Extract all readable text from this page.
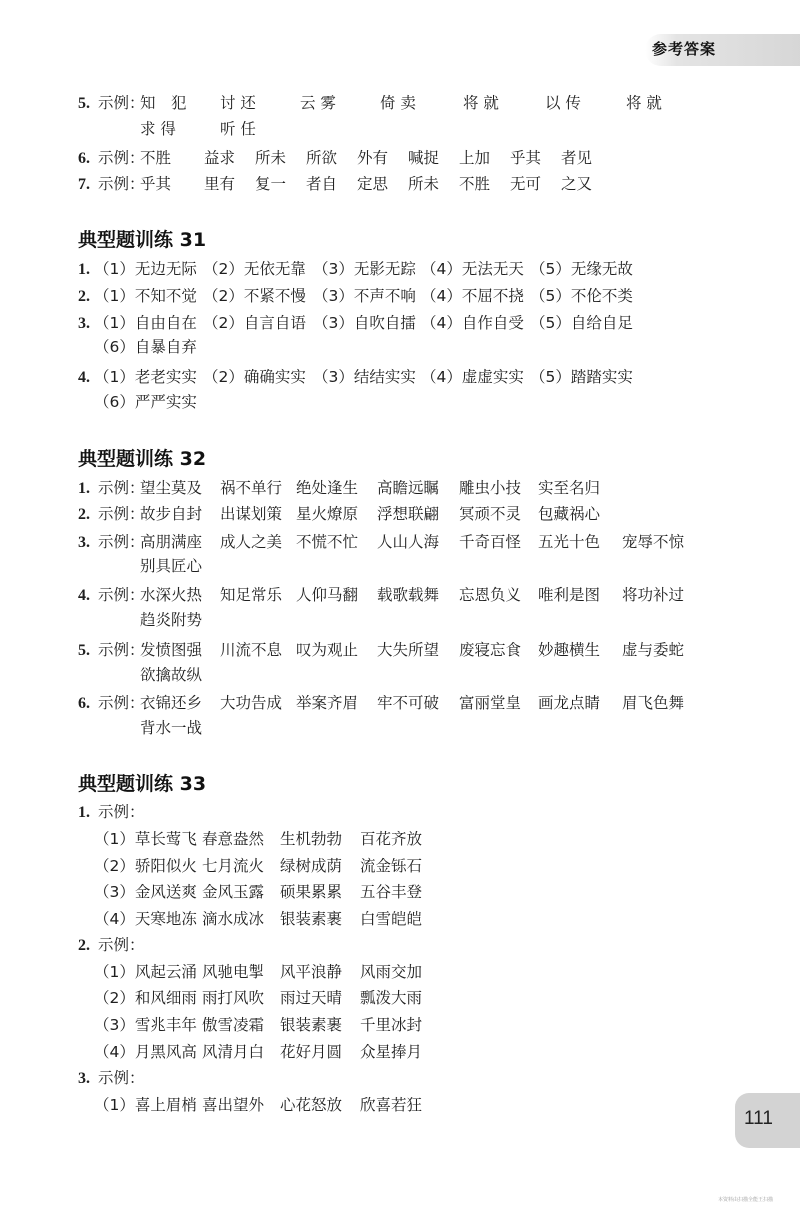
参考答案
5. 示例：
知　犯 讨 还	云 雾	倚 卖	将 就	以 传	将 就
求 得	听 任
6. 示例：
不胜 益求 所未 所欲 外有 喊捉 上加 乎其 者见
7. 示例：
乎其 里有 复一 者自 定思 所未 不胜 无可 之又
典型题训练 31
1. （1）无边无际 （2）无依无靠 （3）无影无踪 （4）无法无天 （5）无缘无故
2. （1）不知不觉 （2）不紧不慢 （3）不声不响 （4）不屈不挠 （5）不伦不类
3. （1）自由自在 （2）自言自语 （3）自吹自擂 （4）自作自受 （5）自给自足
（6）自暴自弃
4. （1）老老实实 （2）确确实实 （3）结结实实 （4）虚虚实实 （5）踏踏实实
（6）严严实实
典型题训练 32
1. 示例：
望尘莫及 祸不单行 绝处逢生 高瞻远瞩 雕虫小技 实至名归
2. 示例：
故步自封 出谋划策 星火燎原 浮想联翩 冥顽不灵 包藏祸心
3. 示例：
高朋满座 成人之美 不慌不忙 人山人海 千奇百怪 五光十色 宠辱不惊
别具匠心
4. 示例：
水深火热 知足常乐 人仰马翻 载歌载舞 忘恩负义 唯利是图 将功补过
趋炎附势
5. 示例：
发愤图强 川流不息 叹为观止 大失所望 废寝忘食 妙趣横生 虚与委蛇
欲擒故纵
6. 示例：
衣锦还乡 大功告成 举案齐眉 牢不可破 富丽堂皇 画龙点睛 眉飞色舞
背水一战
典型题训练 33
1. 示例：
（1）草长莺飞 春意盎然 生机勃勃 百花齐放
（2）骄阳似火 七月流火 绿树成荫 流金铄石
（3）金风送爽 金风玉露 硕果累累 五谷丰登
（4）天寒地冻 滴水成冰 银装素裹 白雪皑皑
2. 示例：
（1）风起云涌 风驰电掣 风平浪静 风雨交加
（2）和风细雨 雨打风吹 雨过天晴 瓢泼大雨
（3）雪兆丰年 傲雪凌霜 银装素裹 千里冰封
（4）月黑风高 风清月白 花好月圆 众星捧月
3. 示例：
（1）喜上眉梢 喜出望外 心花怒放 欣喜若狂
111
本资料由扫描全能王扫描
